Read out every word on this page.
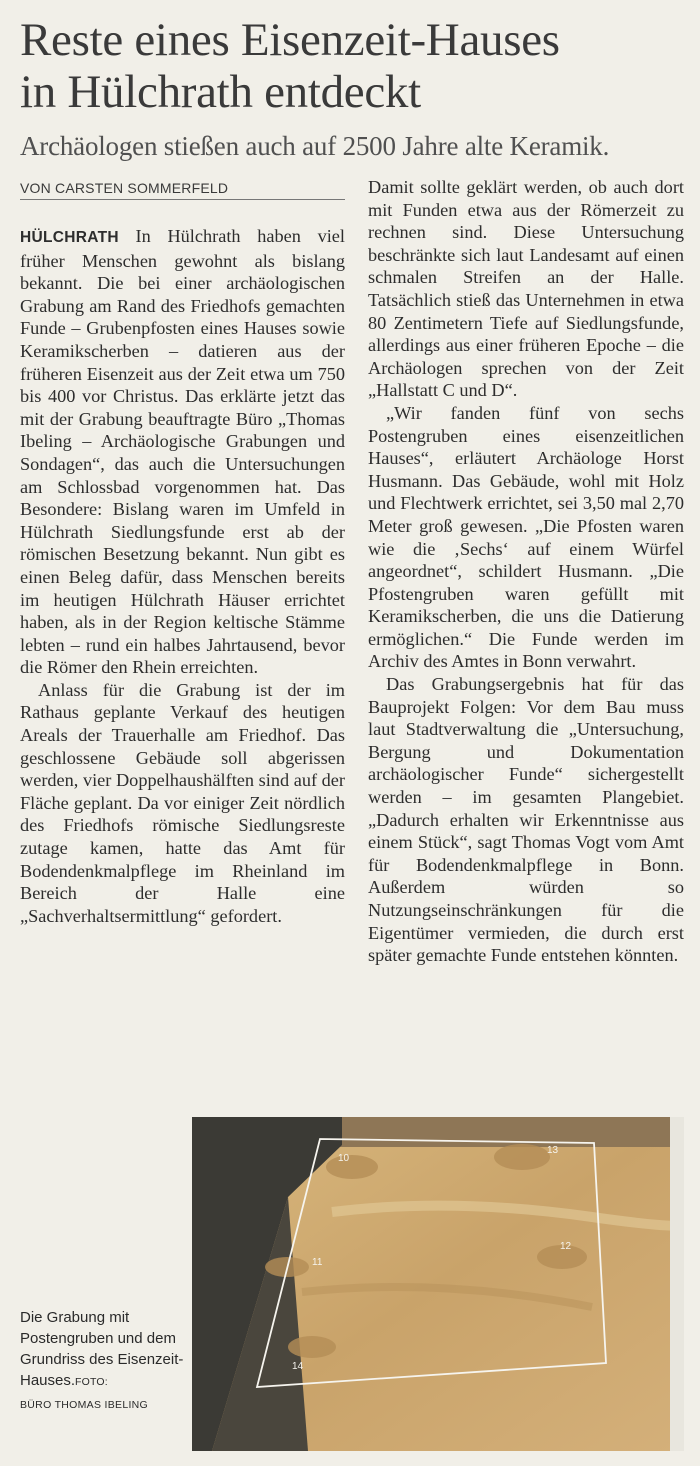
Reste eines Eisenzeit-Hauses
in Hülchrath entdeckt

Archäologen stießen auch auf 2500 Jahre alte Keramik.

VON CARSTEN SOMMERFELD

HÜLCHRATH In Hülchrath haben viel früher Menschen gewohnt als bislang bekannt. Die bei einer archäologischen Grabung am Rand des Friedhofs gemachten Funde – Grubenpfosten eines Hauses sowie Keramikscherben – datieren aus der früheren Eisenzeit aus der Zeit etwa um 750 bis 400 vor Christus. Das erklärte jetzt das mit der Grabung beauftragte Büro „Thomas Ibeling – Archäologische Grabungen und Sondagen“, das auch die Untersuchungen am Schlossbad vorgenommen hat. Das Besondere: Bislang waren im Umfeld in Hülchrath Siedlungsfunde erst ab der römischen Besetzung bekannt. Nun gibt es einen Beleg dafür, dass Menschen bereits im heutigen Hülchrath Häuser errichtet haben, als in der Region keltische Stämme lebten – rund ein halbes Jahrtausend, bevor die Römer den Rhein erreichten.

Anlass für die Grabung ist der im Rathaus geplante Verkauf des heutigen Areals der Trauerhalle am Friedhof. Das geschlossene Gebäude soll abgerissen werden, vier Doppelhaushälften sind auf der Fläche geplant. Da vor einiger Zeit nördlich des Friedhofs römische Siedlungsreste zutage kamen, hatte das Amt für Bodendenkmalpflege im Rheinland im Bereich der Halle eine „Sachverhaltsermittlung“ gefordert.

Damit sollte geklärt werden, ob auch dort mit Funden etwa aus der Römerzeit zu rechnen sind. Diese Untersuchung beschränkte sich laut Landesamt auf einen schmalen Streifen an der Halle. Tatsächlich stieß das Unternehmen in etwa 80 Zentimetern Tiefe auf Siedlungsfunde, allerdings aus einer früheren Epoche – die Archäologen sprechen von der Zeit „Hallstatt C und D“.

„Wir fanden fünf von sechs Postengruben eines eisenzeitlichen Hauses“, erläutert Archäologe Horst Husmann. Das Gebäude, wohl mit Holz und Flechtwerk errichtet, sei 3,50 mal 2,70 Meter groß gewesen. „Die Pfosten waren wie die ‚Sechs‘ auf einem Würfel angeordnet“, schildert Husmann. „Die Pfostengruben waren gefüllt mit Keramikscherben, die uns die Datierung ermöglichen.“ Die Funde werden im Archiv des Amtes in Bonn verwahrt.

Das Grabungsergebnis hat für das Bauprojekt Folgen: Vor dem Bau muss laut Stadtverwaltung die „Untersuchung, Bergung und Dokumentation archäologischer Funde“ sichergestellt werden – im gesamten Plangebiet. „Dadurch erhalten wir Erkenntnisse aus einem Stück“, sagt Thomas Vogt vom Amt für Bodendenkmalpflege in Bonn. Außerdem würden so Nutzungseinschränkungen für die Eigentümer vermieden, die durch erst später gemachte Funde entstehen könnten.

10
13
12
11
14
Die Grabung mit Postengruben und dem Grundriss des Eisenzeit-Hauses.FOTO:
BÜRO THOMAS IBELING
